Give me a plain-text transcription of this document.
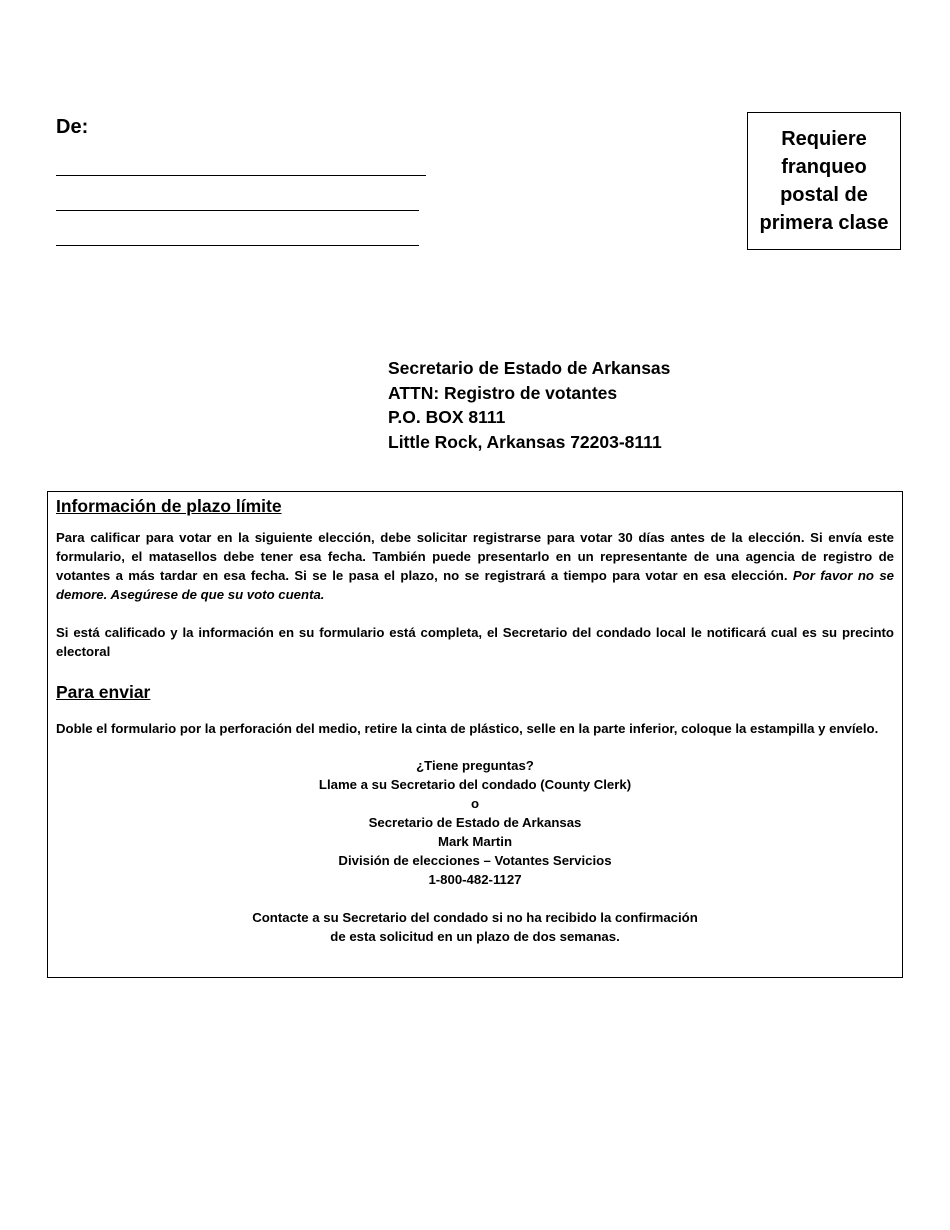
De:
Requiere franqueo postal de primera clase
Secretario de Estado de Arkansas
ATTN: Registro de votantes
P.O. BOX 8111
Little Rock, Arkansas 72203-8111
Información de plazo límite

Para calificar para votar en la siguiente elección, debe solicitar registrarse para votar 30 días antes de la elección. Si envía este formulario, el matasellos debe tener esa fecha. También puede presentarlo en un representante de una agencia de registro de votantes a más tardar en esa fecha. Si se le pasa el plazo, no se registrará a tiempo para votar en esa elección. Por favor no se demore. Asegúrese de que su voto cuenta.

Si está calificado y la información en su formulario está completa, el Secretario del condado local le notificará cual es su precinto electoral

Para enviar

Doble el formulario por la perforación del medio, retire la cinta de plástico, selle en la parte inferior, coloque la estampilla y envíelo.

¿Tiene preguntas?
Llame a su Secretario del condado (County Clerk)
o
Secretario de Estado de Arkansas
Mark Martin
División de elecciones – Votantes Servicios
1-800-482-1127
Contacte a su Secretario del condado si no ha recibido la confirmación
de esta solicitud en un plazo de dos semanas.
